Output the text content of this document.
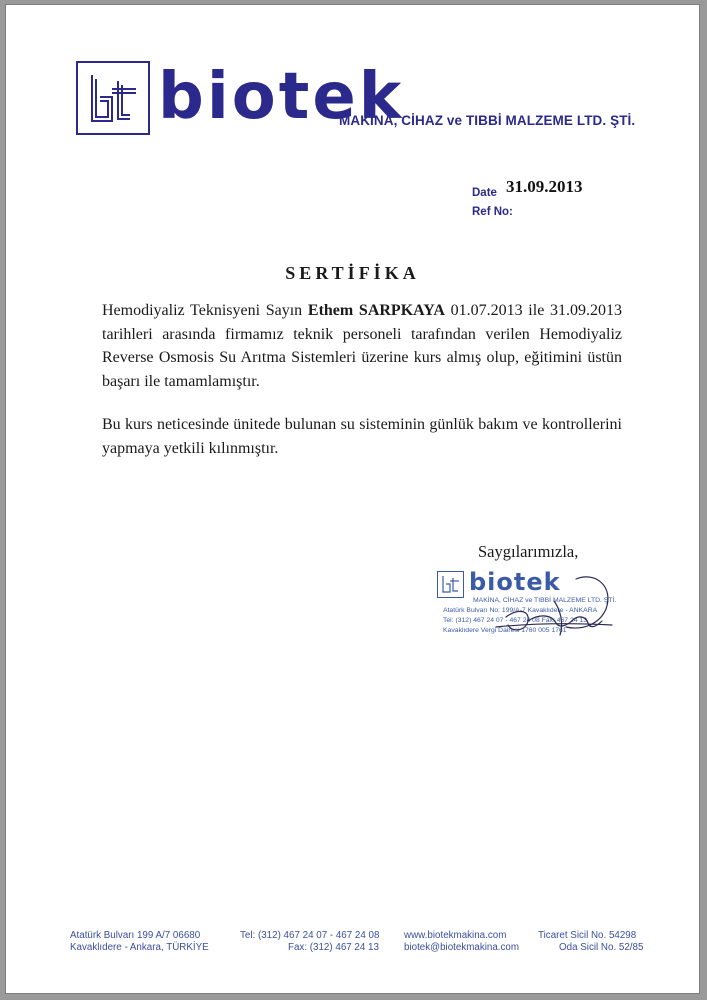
biotek
MAKİNA, CİHAZ ve TIBBİ MALZEME LTD. ŞTİ.
Date 31.09.2013
Ref No:
SERTİFİKA
Hemodiyaliz Teknisyeni Sayın Ethem SARPKAYA 01.07.2013 ile 31.09.2013 tarihleri arasında firmamız teknik personeli tarafından verilen Hemodiyaliz Reverse Osmosis Su Arıtma Sistemleri üzerine kurs almış olup, eğitimini üstün başarı ile tamamlamıştır.
Bu kurs neticesinde ünitede bulunan su sisteminin günlük bakım ve kontrollerini yapmaya yetkili kılınmıştır.
Saygılarımızla,
biotek
MAKİNA, CİHAZ ve TIBBİ MALZEME LTD. ŞTİ.
Atatürk Bulvarı No: 199/A-7 Kavaklıdere - ANKARA
Tel: (312) 467 24 07 - 467 24 08 Fax: 467 24 13
Kavaklıdere Vergi Dairesi 1760 005 1761
Atatürk Bulvarı 199 A/7 06680
Kavaklıdere - Ankara, TÜRKİYE
Tel: (312) 467 24 07 - 467 24 08
Fax: (312) 467 24 13
www.biotekmakina.com
biotek@biotekmakina.com
Ticaret Sicil No. 54298
Oda Sicil No. 52/85
